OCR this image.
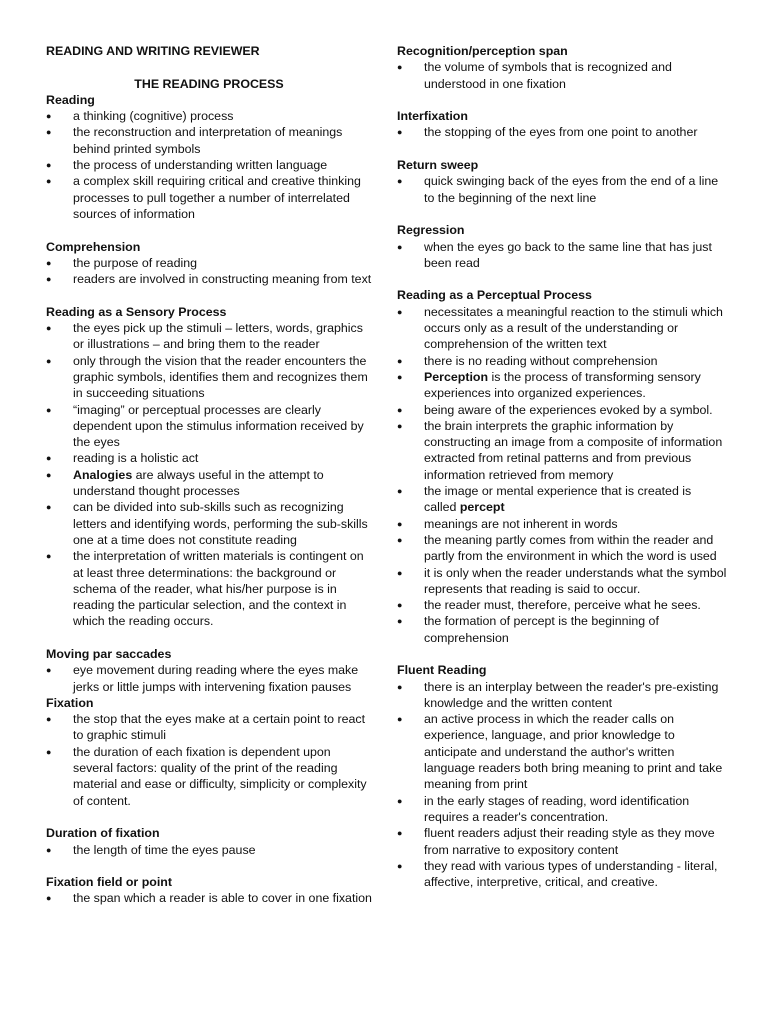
READING AND WRITING REVIEWER

THE READING PROCESS

Reading
● a thinking (cognitive) process
● the reconstruction and interpretation of meanings behind printed symbols
● the process of understanding written language
● a complex skill requiring critical and creative thinking processes to pull together a number of interrelated sources of information
Comprehension
● the purpose of reading
● readers are involved in constructing meaning from text
Reading as a Sensory Process
● the eyes pick up the stimuli – letters, words, graphics or illustrations – and bring them to the reader
● only through the vision that the reader encounters the graphic symbols, identifies them and recognizes them in succeeding situations
● “imaging” or perceptual processes are clearly dependent upon the stimulus information received by the eyes
● reading is a holistic act
● Analogies are always useful in the attempt to understand thought processes
● can be divided into sub-skills such as recognizing letters and identifying words, performing the sub-skills one at a time does not constitute reading
● the interpretation of written materials is contingent on at least three determinations: the background or schema of the reader, what his/her purpose is in reading the particular selection, and the context in which the reading occurs.
Moving par saccades
● eye movement during reading where the eyes make jerks or little jumps with intervening fixation pauses
Fixation
● the stop that the eyes make at a certain point to react to graphic stimuli
● the duration of each fixation is dependent upon several factors: quality of the print of the reading material and ease or difficulty, simplicity or complexity of content.
Duration of fixation
● the length of time the eyes pause
Fixation field or point
● the span which a reader is able to cover in one fixation
Recognition/perception span
● the volume of symbols that is recognized and understood in one fixation
Interfixation
● the stopping of the eyes from one point to another
Return sweep
● quick swinging back of the eyes from the end of a line to the beginning of the next line
Regression
● when the eyes go back to the same line that has just been read
Reading as a Perceptual Process
● necessitates a meaningful reaction to the stimuli which occurs only as a result of the understanding or comprehension of the written text
● there is no reading without comprehension
● Perception is the process of transforming sensory experiences into organized experiences.
● being aware of the experiences evoked by a symbol.
● the brain interprets the graphic information by constructing an image from a composite of information extracted from retinal patterns and from previous information retrieved from memory
● the image or mental experience that is created is called percept
● meanings are not inherent in words
● the meaning partly comes from within the reader and partly from the environment in which the word is used
● it is only when the reader understands what the symbol represents that reading is said to occur.
● the reader must, therefore, perceive what he sees.
● the formation of percept is the beginning of comprehension
Fluent Reading
● there is an interplay between the reader's pre-existing knowledge and the written content
● an active process in which the reader calls on experience, language, and prior knowledge to anticipate and understand the author's written language readers both bring meaning to print and take meaning from print
● in the early stages of reading, word identification requires a reader's concentration.
● fluent readers adjust their reading style as they move from narrative to expository content
● they read with various types of understanding - literal, affective, interpretive, critical, and creative.
